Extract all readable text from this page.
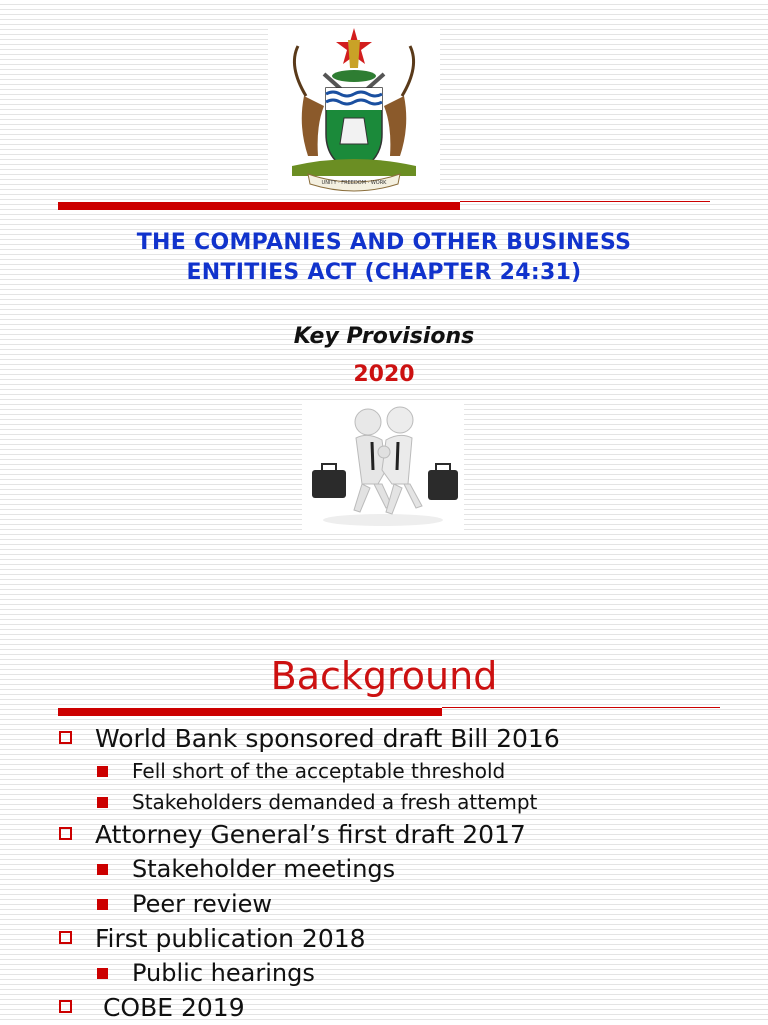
UNITY · FREEDOM · WORK
THE COMPANIES AND OTHER BUSINESS
ENTITIES ACT (CHAPTER 24:31)
Key Provisions
2020
Background
World Bank sponsored draft Bill 2016
Fell short of the acceptable threshold
Stakeholders demanded a fresh attempt
Attorney General’s first draft 2017
Stakeholder meetings
Peer review
First publication 2018
Public hearings
COBE 2019
